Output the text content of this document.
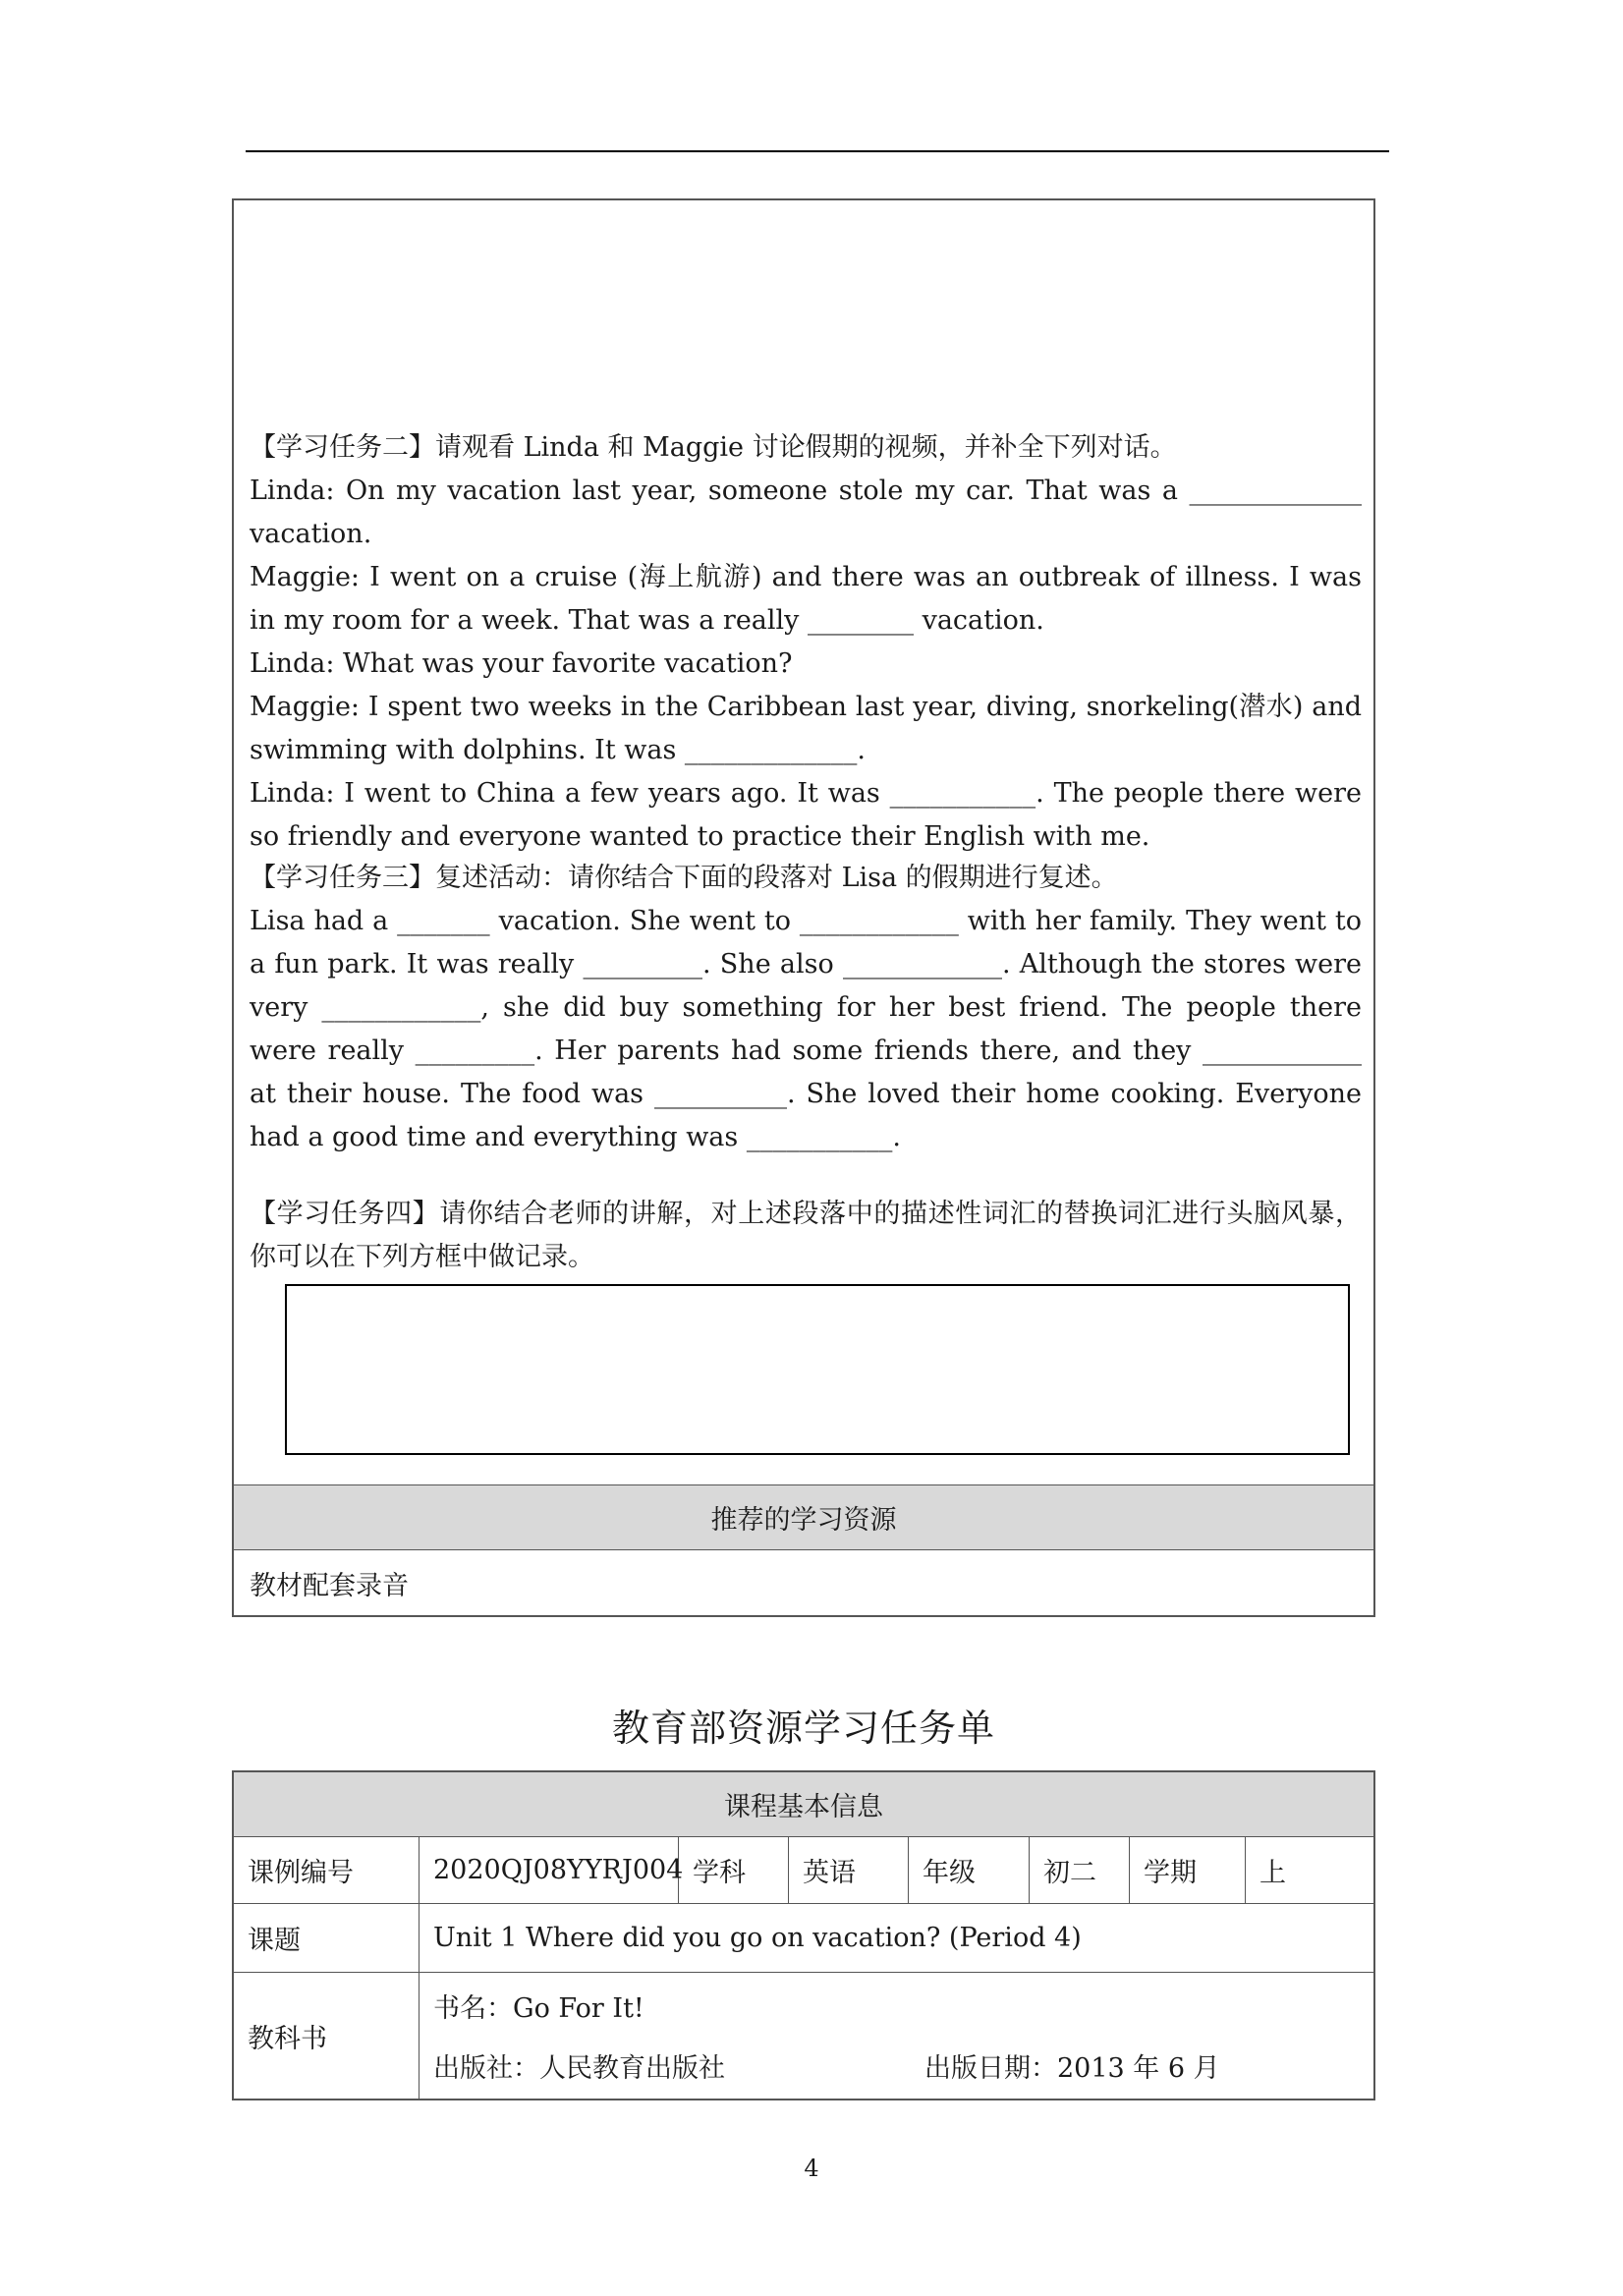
【学习任务二】请观看 Linda 和 Maggie 讨论假期的视频，并补全下列对话。

Linda: On my vacation last year, someone stole my car. That was a _____________ vacation.

Maggie: I went on a cruise (海上航游) and there was an outbreak of illness. I was in my room for a week. That was a really ________ vacation.

Linda: What was your favorite vacation?

Maggie: I spent two weeks in the Caribbean last year, diving, snorkeling(潜水) and swimming with dolphins. It was _____________.

Linda: I went to China a few years ago. It was ___________. The people there were so friendly and everyone wanted to practice their English with me.

【学习任务三】复述活动：请你结合下面的段落对 Lisa 的假期进行复述。

Lisa had a _______ vacation. She went to ____________ with her family. They went to a fun park. It was really _________. She also ____________. Although the stores were very ____________, she did buy something for her best friend. The people there were really _________. Her parents had some friends there, and they ____________ at their house. The food was __________. She loved their home cooking. Everyone had a good time and everything was ___________.

【学习任务四】请你结合老师的讲解，对上述段落中的描述性词汇的替换词汇进行头脑风暴，你可以在下列方框中做记录。

推荐的学习资源
教材配套录音
教育部资源学习任务单
课程基本信息
课例编号	2020QJ08YYRJ004 学科	英语	年级	初二	学期	上
课题	Unit 1 Where did you go on vacation? (Period 4)
教科书
书名：Go For It!
出版社：人民教育出版社	出版日期：2013 年 6 月
4
